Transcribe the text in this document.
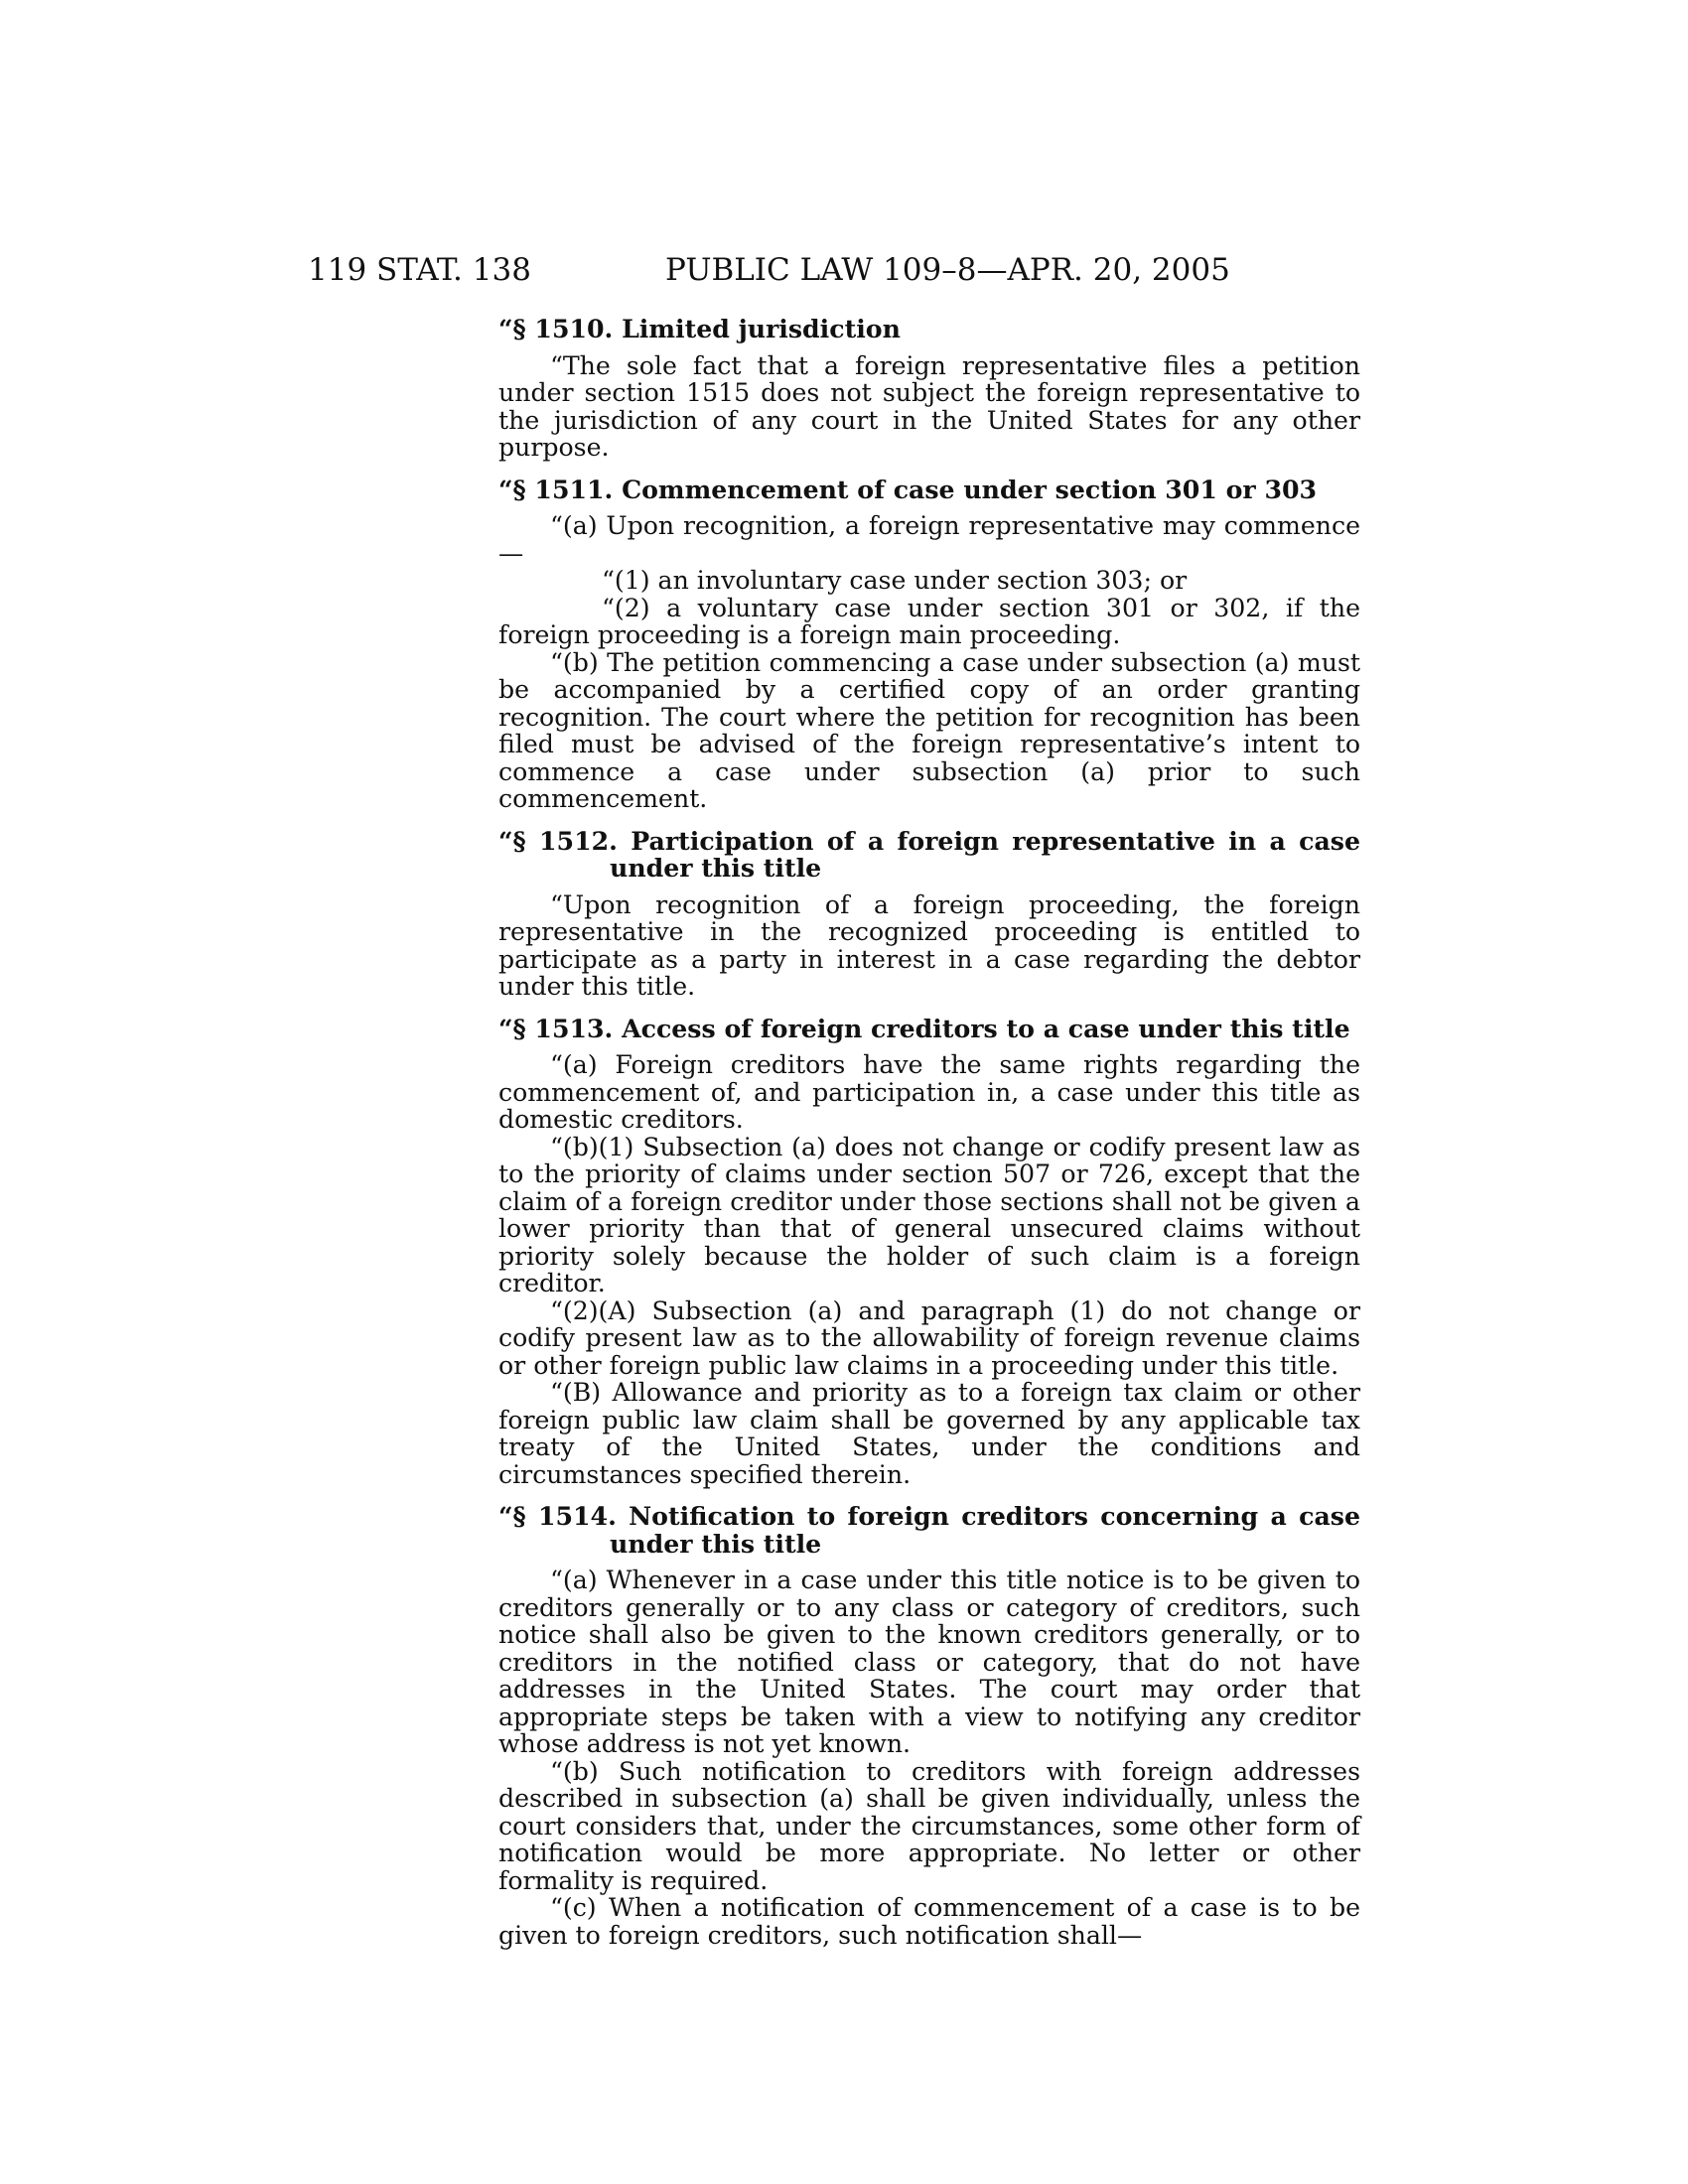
119 STAT. 138	PUBLIC LAW 109–8—APR. 20, 2005
“§ 1510. Limited jurisdiction

“The sole fact that a foreign representative files a petition under section 1515 does not subject the foreign representative to the jurisdiction of any court in the United States for any other purpose.

“§ 1511. Commencement of case under section 301 or 303

“(a) Upon recognition, a foreign representative may commence—

“(1) an involuntary case under section 303; or

“(2) a voluntary case under section 301 or 302, if the foreign proceeding is a foreign main proceeding.

“(b) The petition commencing a case under subsection (a) must be accompanied by a certified copy of an order granting recognition. The court where the petition for recognition has been filed must be advised of the foreign representative’s intent to commence a case under subsection (a) prior to such commencement.

“§ 1512. Participation of a foreign representative in a case under this title

“Upon recognition of a foreign proceeding, the foreign representative in the recognized proceeding is entitled to participate as a party in interest in a case regarding the debtor under this title.

“§ 1513. Access of foreign creditors to a case under this title

“(a) Foreign creditors have the same rights regarding the commencement of, and participation in, a case under this title as domestic creditors.

“(b)(1) Subsection (a) does not change or codify present law as to the priority of claims under section 507 or 726, except that the claim of a foreign creditor under those sections shall not be given a lower priority than that of general unsecured claims without priority solely because the holder of such claim is a foreign creditor.

“(2)(A) Subsection (a) and paragraph (1) do not change or codify present law as to the allowability of foreign revenue claims or other foreign public law claims in a proceeding under this title.

“(B) Allowance and priority as to a foreign tax claim or other foreign public law claim shall be governed by any applicable tax treaty of the United States, under the conditions and circumstances specified therein.

“§ 1514. Notification to foreign creditors concerning a case under this title

“(a) Whenever in a case under this title notice is to be given to creditors generally or to any class or category of creditors, such notice shall also be given to the known creditors generally, or to creditors in the notified class or category, that do not have addresses in the United States. The court may order that appropriate steps be taken with a view to notifying any creditor whose address is not yet known.

“(b) Such notification to creditors with foreign addresses described in subsection (a) shall be given individually, unless the court considers that, under the circumstances, some other form of notification would be more appropriate. No letter or other formality is required.

“(c) When a notification of commencement of a case is to be given to foreign creditors, such notification shall—
